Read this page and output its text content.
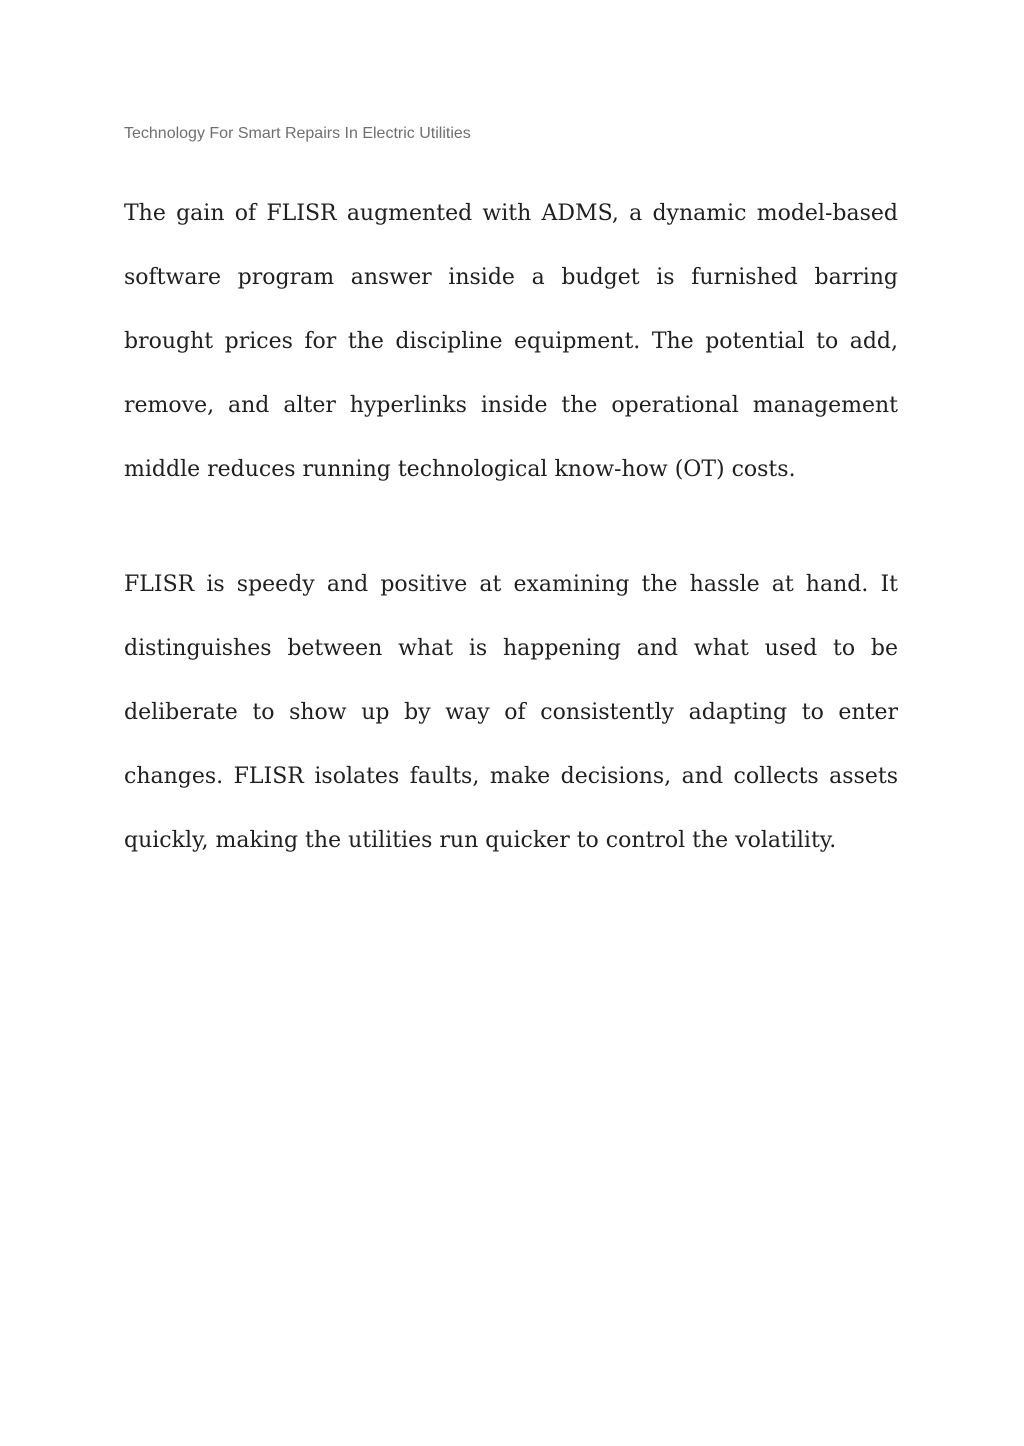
Technology For Smart Repairs In Electric Utilities

The gain of FLISR augmented with ADMS, a dynamic model-based software program answer inside a budget is furnished barring brought prices for the discipline equipment. The potential to add, remove, and alter hyperlinks inside the operational management middle reduces running technological know-how (OT) costs.

FLISR is speedy and positive at examining the hassle at hand. It distinguishes between what is happening and what used to be deliberate to show up by way of consistently adapting to enter changes. FLISR isolates faults, make decisions, and collects assets quickly, making the utilities run quicker to control the volatility.
